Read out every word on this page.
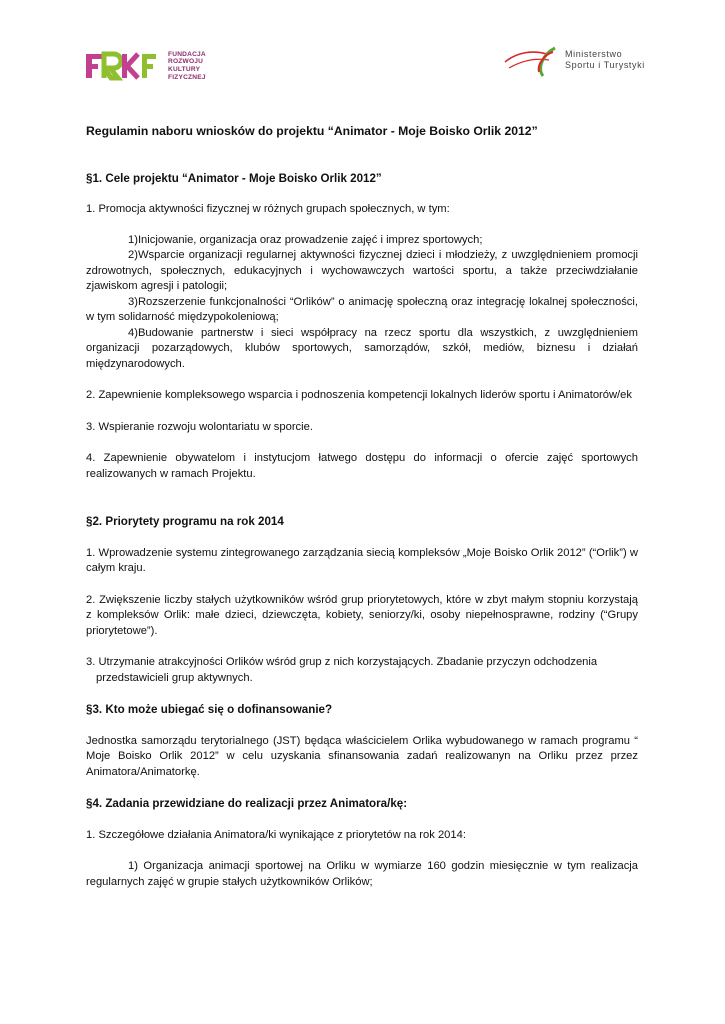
FUNDACJA
ROZWOJU
KULTURY
FIZYCZNEJ
Ministerstwo
Sportu i Turystyki

Regulamin naboru wniosków do projektu “Animator - Moje Boisko Orlik 2012”

§1. Cele projektu “Animator - Moje Boisko Orlik 2012”

1. Promocja aktywności fizycznej w różnych grupach społecznych, w tym:

1)Inicjowanie, organizacja oraz prowadzenie zajęć i imprez sportowych;

2)Wsparcie organizacji regularnej aktywności fizycznej dzieci i młodzieży, z uwzględnieniem promocji zdrowotnych, społecznych, edukacyjnych i wychowawczych wartości sportu, a także przeciwdziałanie zjawiskom agresji i patologii;

3)Rozszerzenie funkcjonalności “Orlików” o animację społeczną oraz integrację lokalnej społeczności, w tym solidarność międzypokoleniową;

4)Budowanie partnerstw i sieci współpracy na rzecz sportu dla wszystkich, z uwzględnieniem organizacji pozarządowych, klubów sportowych, samorządów, szkół, mediów, biznesu i działań międzynarodowych.

2. Zapewnienie kompleksowego wsparcia i podnoszenia kompetencji lokalnych liderów sportu i Animatorów/ek

3. Wspieranie rozwoju wolontariatu w sporcie.

4. Zapewnienie obywatelom i instytucjom łatwego dostępu do informacji o ofercie zajęć sportowych realizowanych w ramach Projektu.

§2. Priorytety programu na rok 2014

1. Wprowadzenie systemu zintegrowanego zarządzania siecią kompleksów „Moje Boisko Orlik 2012” (“Orlik”) w całym kraju.

2. Zwiększenie liczby stałych użytkowników wśród grup priorytetowych, które w zbyt małym stopniu korzystają z kompleksów Orlik: małe dzieci, dziewczęta, kobiety, seniorzy/ki, osoby niepełnosprawne, rodziny (“Grupy priorytetowe”).

3. Utrzymanie atrakcyjności Orlików wśród grup z nich korzystających. Zbadanie przyczyn odchodzenia

przedstawicieli grup aktywnych.

§3. Kto może ubiegać się o dofinansowanie?

Jednostka samorządu terytorialnego (JST) będąca właścicielem Orlika wybudowanego w ramach programu “ Moje Boisko Orlik 2012” w celu uzyskania sfinansowania zadań realizowanyn na Orliku przez przez Animatora/Animatorkę.

§4. Zadania przewidziane do realizacji przez Animatora/kę:

1. Szczegółowe działania Animatora/ki wynikające z priorytetów na rok 2014:

1) Organizacja animacji sportowej na Orliku w wymiarze 160 godzin miesięcznie w tym realizacja regularnych zajęć w grupie stałych użytkowników Orlików;
